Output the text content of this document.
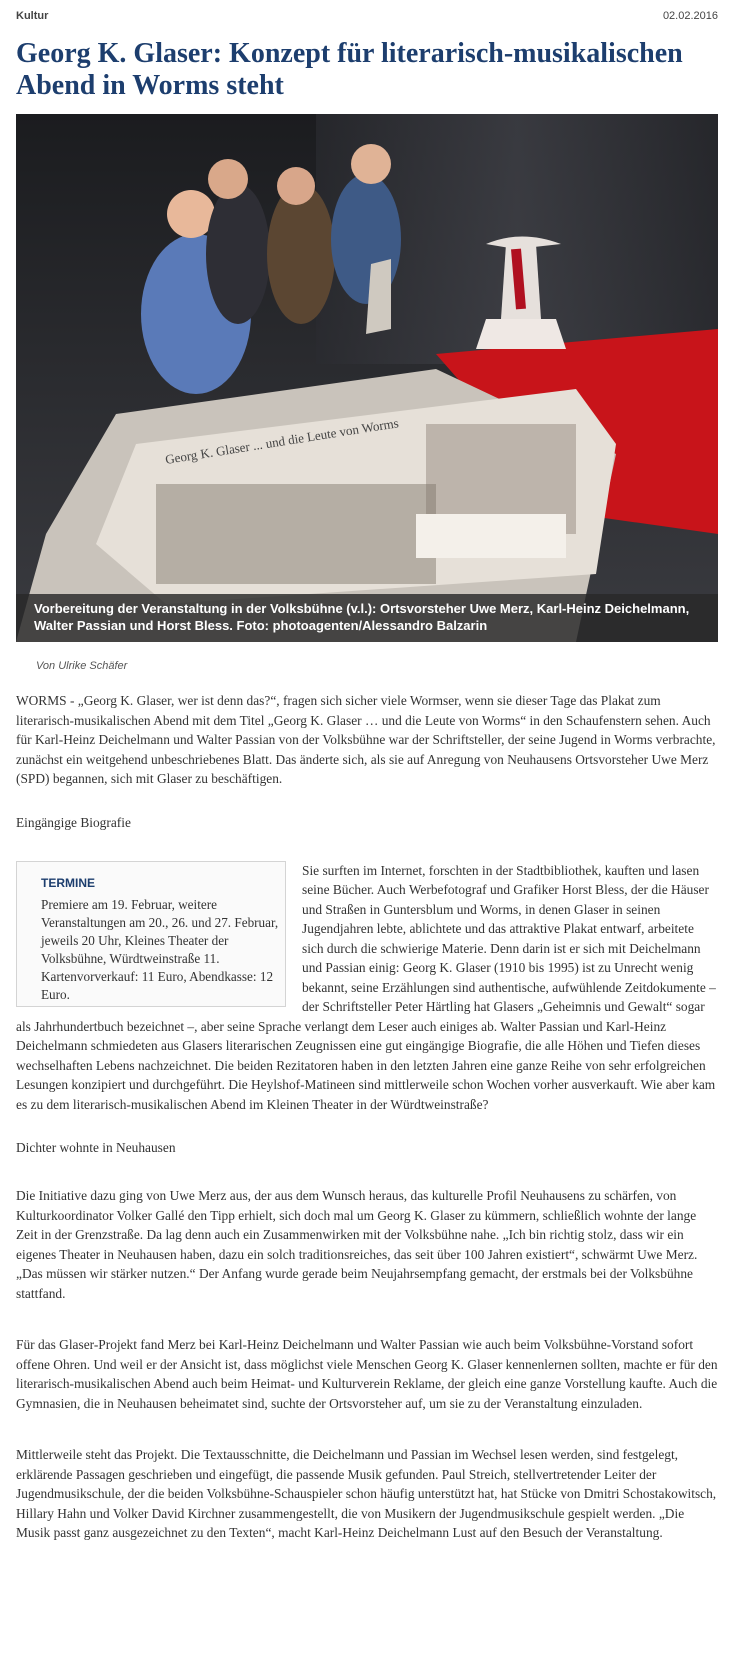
Kultur	02.02.2016
Georg K. Glaser: Konzept für literarisch-musikalischen Abend in Worms steht
Georg K. Glaser ... und die Leute von Worms
Vorbereitung der Veranstaltung in der Volksbühne (v.l.): Ortsvorsteher Uwe Merz, Karl-Heinz Deichelmann, Walter Passian und Horst Bless. Foto: photoagenten/Alessandro Balzarin
Von Ulrike Schäfer

WORMS - „Georg K. Glaser, wer ist denn das?“, fragen sich sicher viele Wormser, wenn sie dieser Tage das Plakat zum literarisch-musikalischen Abend mit dem Titel „Georg K. Glaser … und die Leute von Worms“ in den Schaufenstern sehen. Auch für Karl-Heinz Deichelmann und Walter Passian von der Volksbühne war der Schriftsteller, der seine Jugend in Worms verbrachte, zunächst ein weitgehend unbeschriebenes Blatt. Das änderte sich, als sie auf Anregung von Neuhausens Ortsvorsteher Uwe Merz (SPD) begannen, sich mit Glaser zu beschäftigen.

Eingängige Biografie
TERMINE

Premiere am 19. Februar, weitere Veranstaltungen am 20., 26. und 27. Februar, jeweils 20 Uhr, Kleines Theater der Volksbühne, Würdtweinstraße 11. Kartenvorverkauf: 11 Euro, Abendkasse: 12 Euro.

Sie surften im Internet, forschten in der Stadtbibliothek, kauften und lasen seine Bücher. Auch Werbefotograf und Grafiker Horst Bless, der die Häuser und Straßen in Guntersblum und Worms, in denen Glaser in seinen Jugendjahren lebte, ablichtete und das attraktive Plakat entwarf, arbeitete sich durch die schwierige Materie. Denn darin ist er sich mit Deichelmann und Passian einig: Georg K. Glaser (1910 bis 1995) ist zu Unrecht wenig bekannt, seine Erzählungen sind authentische, aufwühlende Zeitdokumente – der Schriftsteller Peter Härtling hat Glasers „Geheimnis und Gewalt“ sogar als Jahrhundertbuch bezeichnet –, aber seine Sprache verlangt dem Leser auch einiges ab. Walter Passian und Karl-Heinz Deichelmann schmiedeten aus Glasers literarischen Zeugnissen eine gut eingängige Biografie, die alle Höhen und Tiefen dieses wechselhaften Lebens nachzeichnet. Die beiden Rezitatoren haben in den letzten Jahren eine ganze Reihe von sehr erfolgreichen Lesungen konzipiert und durchgeführt. Die Heylshof-Matineen sind mittlerweile schon Wochen vorher ausverkauft. Wie aber kam es zu dem literarisch-musikalischen Abend im Kleinen Theater in der Würdtweinstraße?

Dichter wohnte in Neuhausen

Die Initiative dazu ging von Uwe Merz aus, der aus dem Wunsch heraus, das kulturelle Profil Neuhausens zu schärfen, von Kulturkoordinator Volker Gallé den Tipp erhielt, sich doch mal um Georg K. Glaser zu kümmern, schließlich wohnte der lange Zeit in der Grenzstraße. Da lag denn auch ein Zusammenwirken mit der Volksbühne nahe. „Ich bin richtig stolz, dass wir ein eigenes Theater in Neuhausen haben, dazu ein solch traditionsreiches, das seit über 100 Jahren existiert“, schwärmt Uwe Merz. „Das müssen wir stärker nutzen.“ Der Anfang wurde gerade beim Neujahrsempfang gemacht, der erstmals bei der Volksbühne stattfand.

Für das Glaser-Projekt fand Merz bei Karl-Heinz Deichelmann und Walter Passian wie auch beim Volksbühne-Vorstand sofort offene Ohren. Und weil er der Ansicht ist, dass möglichst viele Menschen Georg K. Glaser kennenlernen sollten, machte er für den literarisch-musikalischen Abend auch beim Heimat- und Kulturverein Reklame, der gleich eine ganze Vorstellung kaufte. Auch die Gymnasien, die in Neuhausen beheimatet sind, suchte der Ortsvorsteher auf, um sie zu der Veranstaltung einzuladen.

Mittlerweile steht das Projekt. Die Textausschnitte, die Deichelmann und Passian im Wechsel lesen werden, sind festgelegt, erklärende Passagen geschrieben und eingefügt, die passende Musik gefunden. Paul Streich, stellvertretender Leiter der Jugendmusikschule, der die beiden Volksbühne-Schauspieler schon häufig unterstützt hat, hat Stücke von Dmitri Schostakowitsch, Hillary Hahn und Volker David Kirchner zusammengestellt, die von Musikern der Jugendmusikschule gespielt werden. „Die Musik passt ganz ausgezeichnet zu den Texten“, macht Karl-Heinz Deichelmann Lust auf den Besuch der Veranstaltung.
